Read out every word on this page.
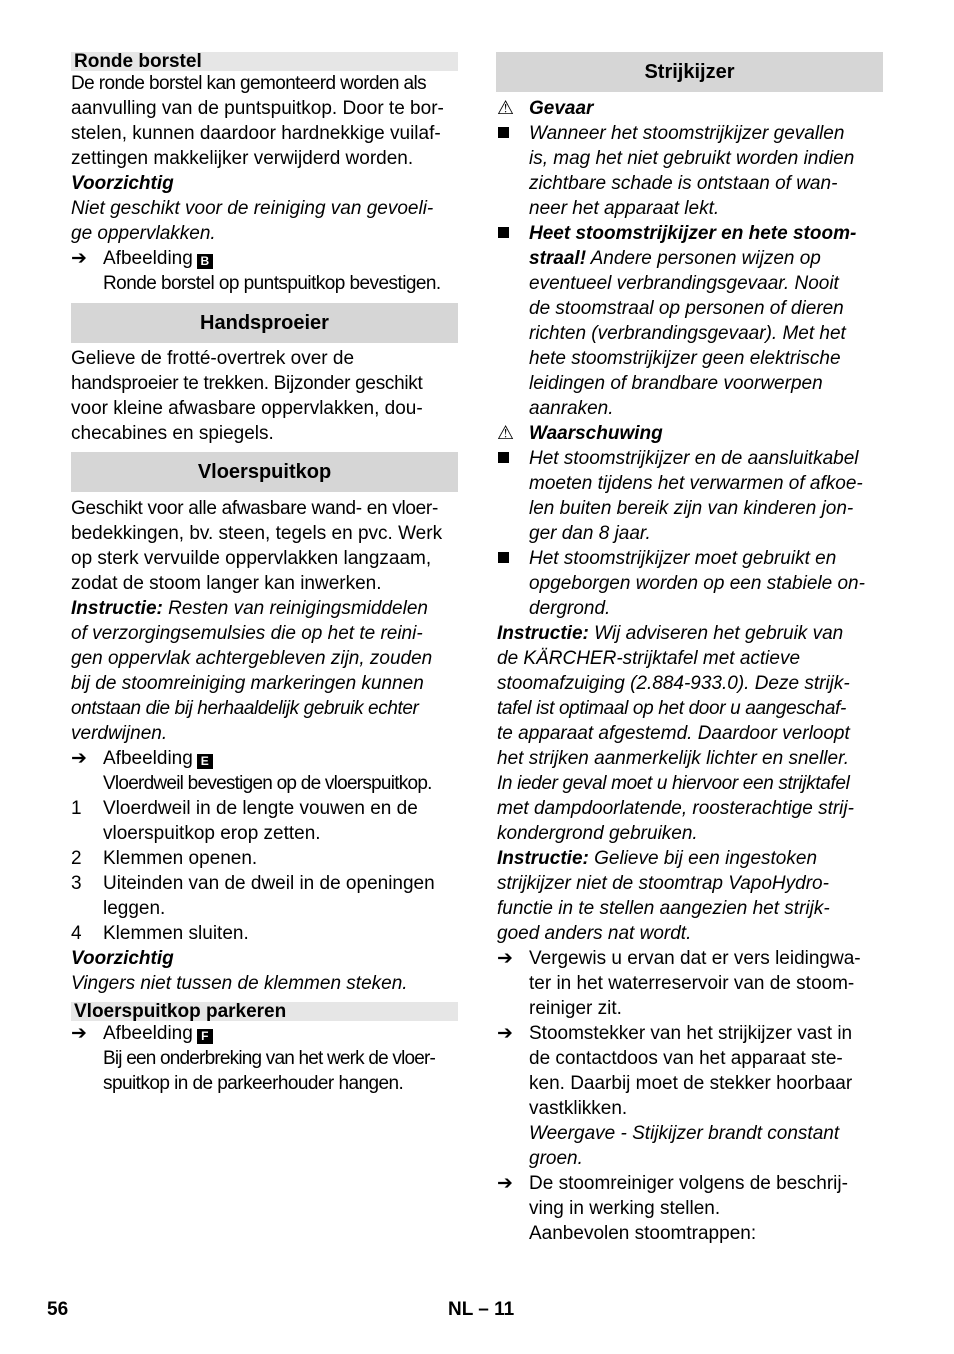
Ronde borstel
De ronde borstel kan gemonteerd worden als
aanvulling van de puntspuitkop. Door te bor-
stelen, kunnen daardoor hardnekkige vuilaf-
zettingen makkelijker verwijderd worden.
Voorzichtig
Niet geschikt voor de reiniging van gevoeli-
ge oppervlakken.
➔ Afbeelding B
Ronde borstel op puntspuitkop bevestigen.
Handsproeier
Gelieve de frotté-overtrek over de
handsproeier te trekken. Bijzonder geschikt
voor kleine afwasbare oppervlakken, dou-
checabines en spiegels.
Vloerspuitkop
Geschikt voor alle afwasbare wand- en vloer-
bedekkingen, bv. steen, tegels en pvc. Werk
op sterk vervuilde oppervlakken langzaam,
zodat de stoom langer kan inwerken.
Instructie: Resten van reinigingsmiddelen
of verzorgingsemulsies die op het te reini-
gen oppervlak achtergebleven zijn, zouden
bij de stoomreiniging markeringen kunnen
ontstaan die bij herhaaldelijk gebruik echter
verdwijnen.
➔ Afbeelding E
Vloerdweil bevestigen op de vloerspuitkop.
1 Vloerdweil in de lengte vouwen en de
vloerspuitkop erop zetten.
2 Klemmen openen.
3 Uiteinden van de dweil in de openingen
leggen.
4 Klemmen sluiten.
Voorzichtig
Vingers niet tussen de klemmen steken.
Vloerspuitkop parkeren
➔ Afbeelding F
Bij een onderbreking van het werk de vloer-
spuitkop in de parkeerhouder hangen.
Strijkijzer
⚠ Gevaar
Wanneer het stoomstrijkijzer gevallen
is, mag het niet gebruikt worden indien
zichtbare schade is ontstaan of wan-
neer het apparaat lekt.
Heet stoomstrijkijzer en hete stoom-
straal! Andere personen wijzen op
eventueel verbrandingsgevaar. Nooit
de stoomstraal op personen of dieren
richten (verbrandingsgevaar). Met het
hete stoomstrijkijzer geen elektrische
leidingen of brandbare voorwerpen
aanraken.
⚠ Waarschuwing
Het stoomstrijkijzer en de aansluitkabel
moeten tijdens het verwarmen of afkoe-
len buiten bereik zijn van kinderen jon-
ger dan 8 jaar.
Het stoomstrijkijzer moet gebruikt en
opgeborgen worden op een stabiele on-
dergrond.
Instructie: Wij adviseren het gebruik van
de KÄRCHER-strijktafel met actieve
stoomafzuiging (2.884-933.0). Deze strijk-
tafel ist optimaal op het door u aangeschaf-
te apparaat afgestemd. Daardoor verloopt
het strijken aanmerkelijk lichter en sneller.
In ieder geval moet u hiervoor een strijktafel
met dampdoorlatende, roosterachtige strij-
kondergrond gebruiken.
Instructie: Gelieve bij een ingestoken
strijkijzer niet de stoomtrap VapoHydro-
functie in te stellen aangezien het strijk-
goed anders nat wordt.
➔ Vergewis u ervan dat er vers leidingwa-
ter in het waterreservoir van de stoom-
reiniger zit.
➔ Stoomstekker van het strijkijzer vast in
de contactdoos van het apparaat ste-
ken. Daarbij moet de stekker hoorbaar
vastklikken.
Weergave - Stijkijzer brandt constant
groen.
➔ De stoomreiniger volgens de beschrij-
ving in werking stellen.
Aanbevolen stoomtrappen:
56	NL – 11
